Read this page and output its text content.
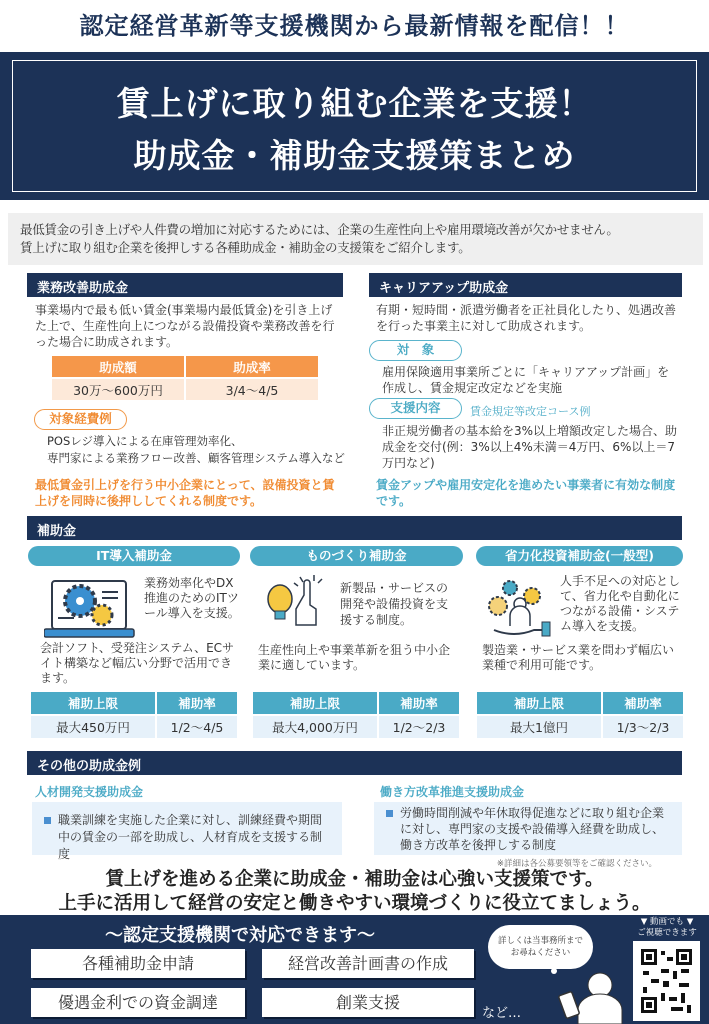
認定経営革新等支援機関から最新情報を配信！！
賃上げに取り組む企業を支援！
助成金・補助金支援策まとめ
最低賃金の引き上げや人件費の増加に対応するためには、企業の生産性向上や雇用環境改善が欠かせません。
賃上げに取り組む企業を後押しする各種助成金・補助金の支援策をご紹介します。
業務改善助成金
事業場内で最も低い賃金(事業場内最低賃金)を引き上げた上で、生産性向上につながる設備投資や業務改善を行った場合に助成されます。
助成額	助成率
30万～600万円	3/4～4/5
対象経費例
POSレジ導入による在庫管理効率化、
専門家による業務フロー改善、顧客管理システム導入など
最低賃金引上げを行う中小企業にとって、設備投資と賃上げを同時に後押ししてくれる制度です。
キャリアアップ助成金
有期・短時間・派遣労働者を正社員化したり、処遇改善を行った事業主に対して助成されます。
対　象
雇用保険適用事業所ごとに「キャリアアップ計画」を作成し、賃金規定改定などを実施
支援内容	賃金規定等改定コース例
非正規労働者の基本給を3%以上増額改定した場合、助成金を交付(例：3%以上4%未満＝4万円、6%以上＝7万円など)
賃金アップや雇用安定化を進めたい事業者に有効な制度です。
補助金
IT導入補助金
業務効率化やDX推進のためのITツール導入を支援。
会計ソフト、受発注システム、ECサイト構築など幅広い分野で活用できます。
補助上限	補助率
最大450万円	1/2～4/5
ものづくり補助金
新製品・サービスの開発や設備投資を支援する制度。
生産性向上や事業革新を狙う中小企業に適しています。
補助上限	補助率
最大4,000万円	1/2～2/3
省力化投資補助金(一般型)
人手不足への対応として、省力化や自動化につながる設備・システム導入を支援。
製造業・サービス業を問わず幅広い業種で利用可能です。
補助上限	補助率
最大1億円	1/3～2/3
その他の助成金例
人材開発支援助成金
職業訓練を実施した企業に対し、訓練経費や期間中の賃金の一部を助成し、人材育成を支援する制度
働き方改革推進支援助成金
労働時間削減や年休取得促進などに取り組む企業に対し、専門家の支援や設備導入経費を助成し、働き方改革を後押しする制度
※詳細は各公募要領等をご確認ください。
賃上げを進める企業に助成金・補助金は心強い支援策です。
上手に活用して経営の安定と働きやすい環境づくりに役立てましょう。
～認定支援機関で対応できます～
各種補助金申請	経営改善計画書の作成
優遇金利での資金調達	創業支援
など…
詳しくは当事務所まで
お尋ねください
▼ 動画でも ▼
ご視聴できます
